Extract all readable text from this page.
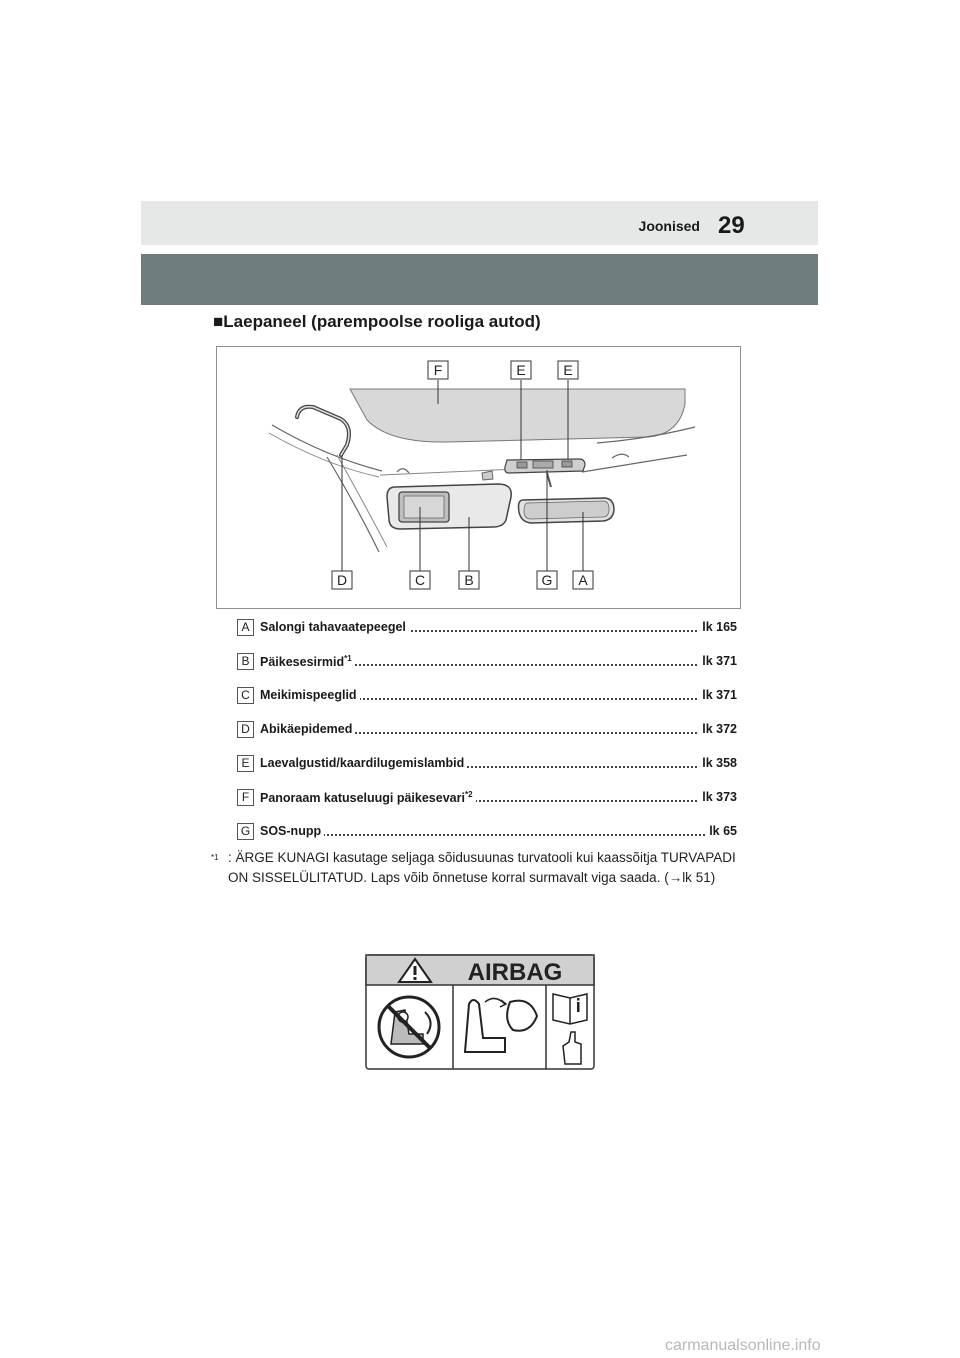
Joonised 29
■Laepaneel (parempoolse rooliga autod)
F	E	E
D	C	B	G A
A Salongi tahavaatepeegel	lk 165
B Päikesesirmid$^{*1}$	lk 371
C Meikimispeeglid	lk 371
D Abikäepidemed	lk 372
E Laevalgustid/kaardilugemislambid	lk 358
F Panoraam katuseluugi päikesevari$^{*2}$	lk 373
G SOS-nupp	lk 65
$^{*1}$ : ÄRGE KUNAGI kasutage seljaga sõidusuunas turvatooli kui kaassõitja TURVAPADI ON SISSELÜLITATUD. Laps võib õnnetuse korral surmavalt viga saada. (→lk 51)
AIRBAG
carmanualsonline.info
